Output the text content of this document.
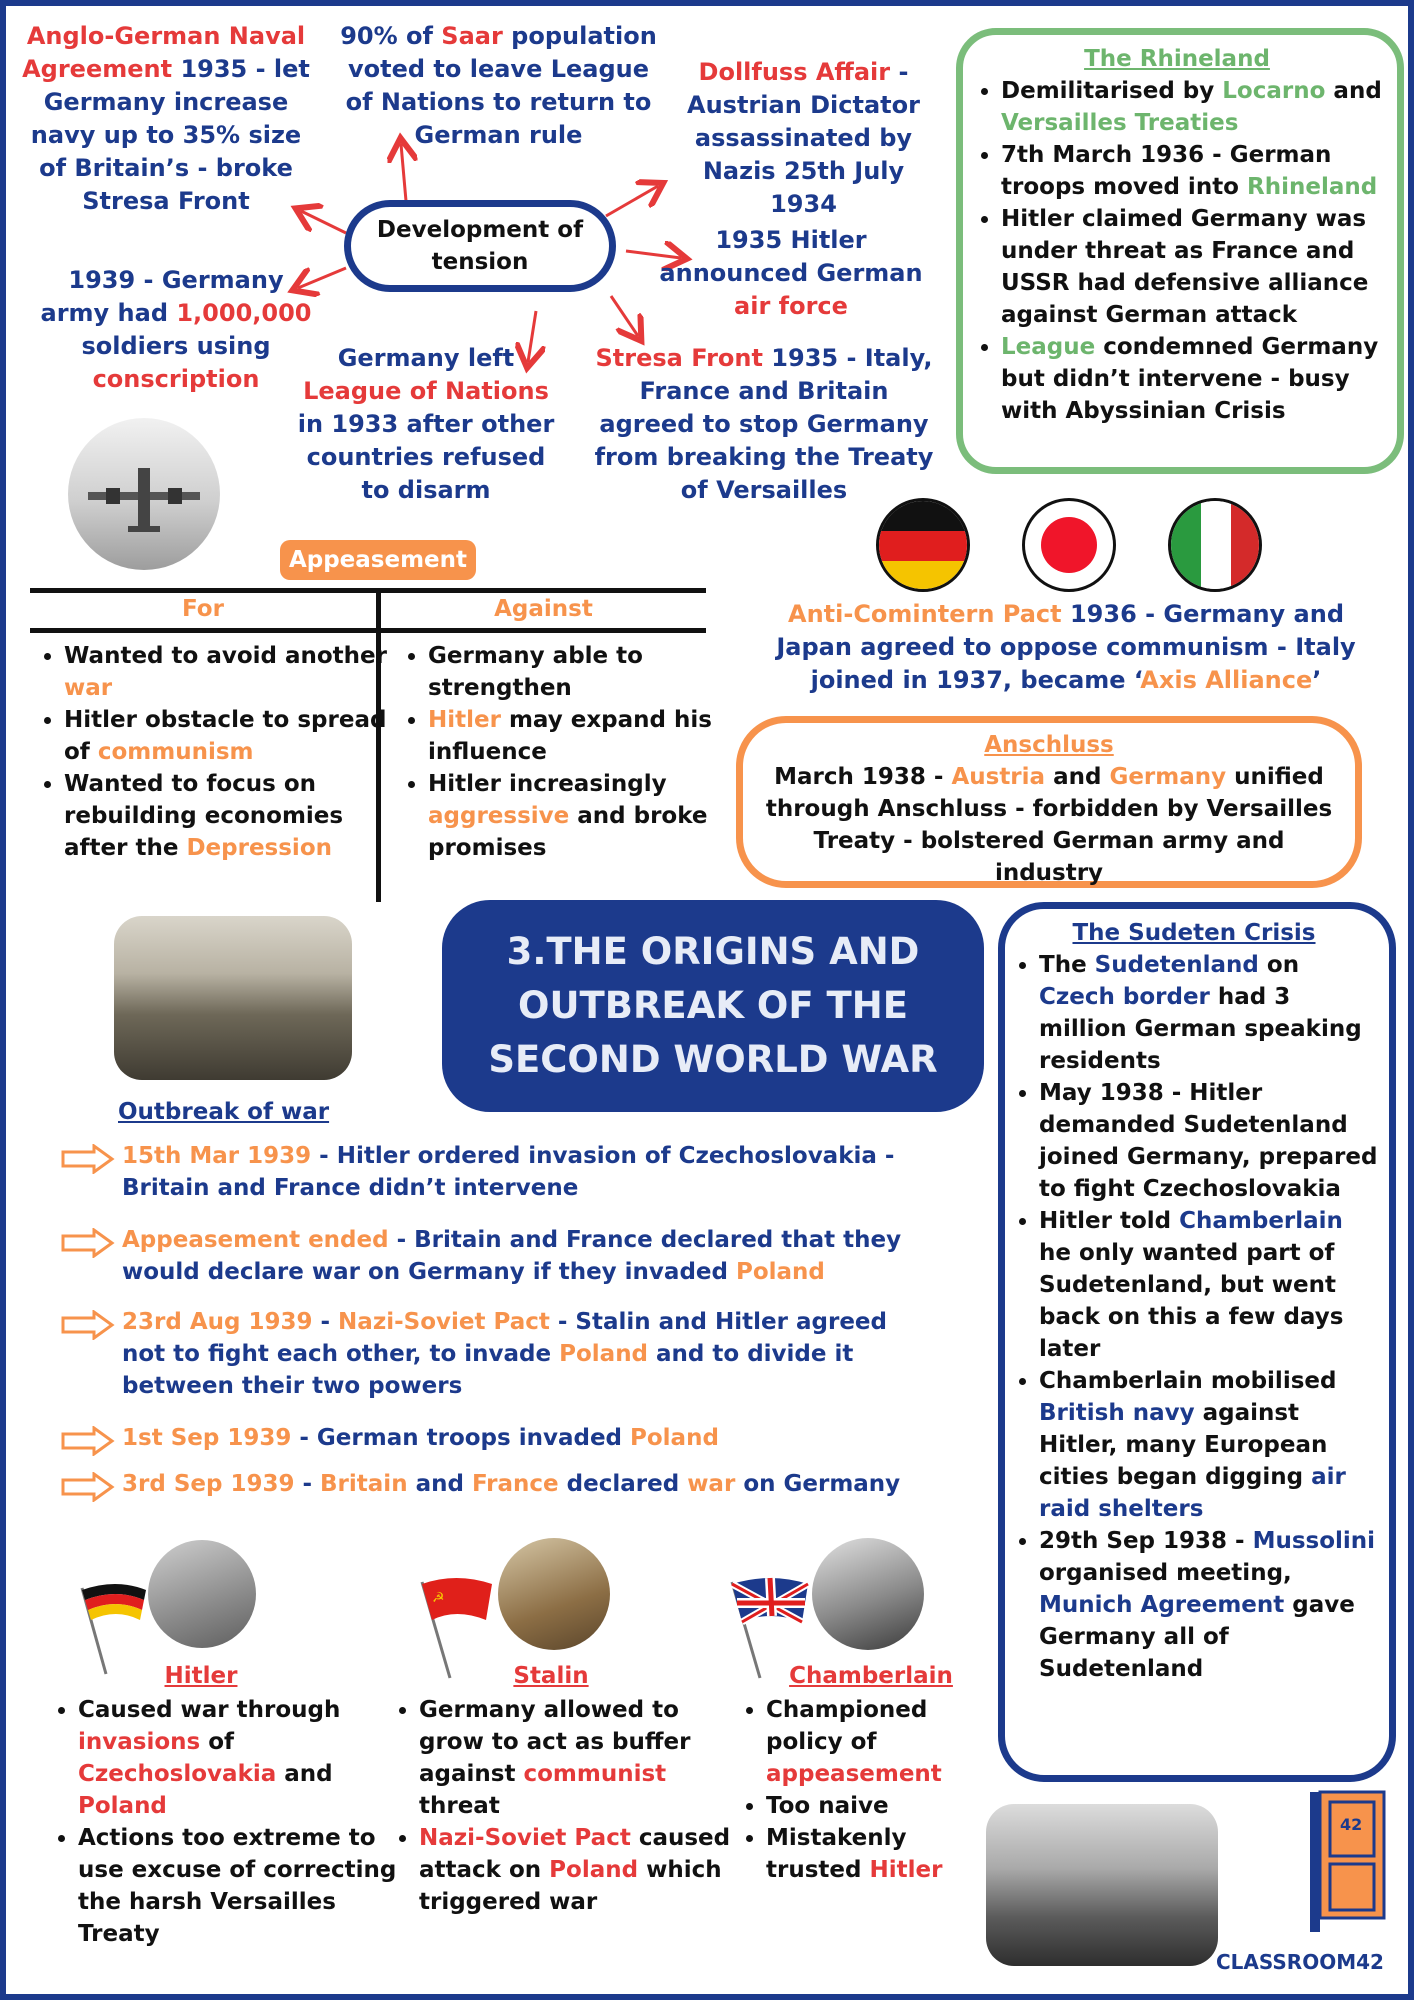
Development of
tension
Anglo-German Naval Agreement 1935 - let Germany increase navy up to 35% size of Britain’s - broke Stresa Front
90% of Saar population voted to leave League of Nations to return to German rule
Dollfuss Affair - Austrian Dictator assassinated by Nazis 25th July 1934
1939 - Germany army had 1,000,000 soldiers using conscription
1935 Hitler announced German air force
Germany left League of Nations in 1933 after other countries refused to disarm
Stresa Front 1935 - Italy, France and Britain agreed to stop Germany from breaking the Treaty of Versailles
The Rhineland
• Demilitarised by Locarno and Versailles Treaties
• 7th March 1936 - German troops moved into Rhineland
• Hitler claimed Germany was under threat as France and USSR had defensive alliance against German attack
• League condemned Germany but didn’t intervene - busy with Abyssinian Crisis
Anti-Comintern Pact 1936 - Germany and Japan agreed to oppose communism - Italy joined in 1937, became ‘Axis Alliance’
Anschluss
March 1938 - Austria and Germany unified through Anschluss - forbidden by Versailles Treaty - bolstered German army and industry
Appeasement
For	Against
• Wanted to avoid another war
• Hitler obstacle to spread of communism
• Wanted to focus on rebuilding economies after the Depression
• Germany able to strengthen
• Hitler may expand his influence
• Hitler increasingly aggressive and broke promises
3.THE ORIGINS AND
OUTBREAK OF THE
SECOND WORLD WAR
The Sudeten Crisis
• The Sudetenland on Czech border had 3 million German speaking residents
• May 1938 - Hitler demanded Sudetenland joined Germany, prepared to fight Czechoslovakia
• Hitler told Chamberlain he only wanted part of Sudetenland, but went back on this a few days later
• Chamberlain mobilised British navy against Hitler, many European cities began digging air raid shelters
• 29th Sep 1938 - Mussolini organised meeting, Munich Agreement gave Germany all of Sudetenland
Outbreak of war
15th Mar 1939 - Hitler ordered invasion of Czechoslovakia - Britain and France didn’t intervene
Appeasement ended - Britain and France declared that they would declare war on Germany if they invaded Poland
23rd Aug 1939 - Nazi-Soviet Pact - Stalin and Hitler agreed not to fight each other, to invade Poland and to divide it between their two powers
1st Sep 1939 - German troops invaded Poland
3rd Sep 1939 - Britain and France declared war on Germany
Hitler
• Caused war through invasions of Czechoslovakia and Poland
• Actions too extreme to use excuse of correcting the harsh Versailles Treaty
☭
Stalin
• Germany allowed to grow to act as buffer against communist threat
• Nazi-Soviet Pact caused attack on Poland which triggered war
Chamberlain
• Championed policy of appeasement
• Too naive
• Mistakenly trusted Hitler
42
CLASSROOM42
